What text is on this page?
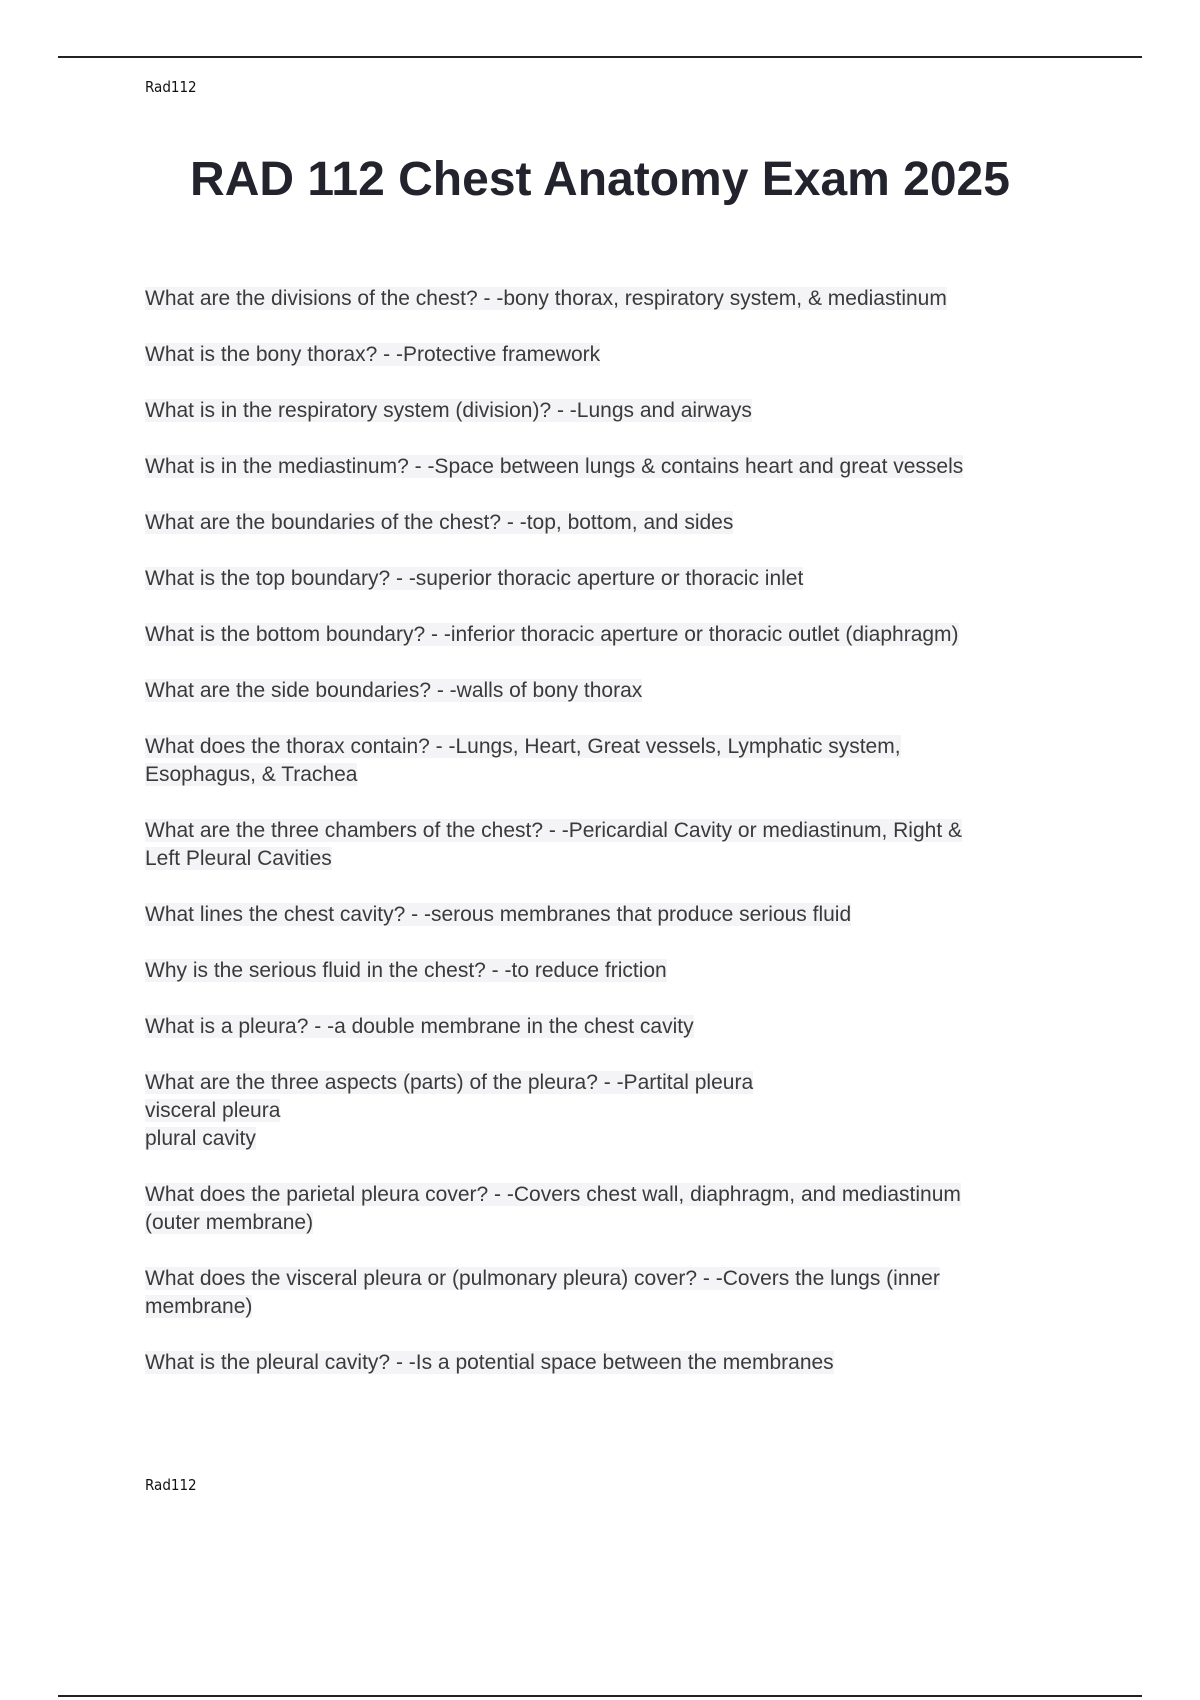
Rad112
RAD 112 Chest Anatomy Exam 2025
What are the divisions of the chest? - -bony thorax, respiratory system, & mediastinum
What is the bony thorax? - -Protective framework
What is in the respiratory system (division)? - -Lungs and airways
What is in the mediastinum? - -Space between lungs & contains heart and great vessels
What are the boundaries of the chest? - -top, bottom, and sides
What is the top boundary? - -superior thoracic aperture or thoracic inlet
What is the bottom boundary? - -inferior thoracic aperture or thoracic outlet (diaphragm)
What are the side boundaries? - -walls of bony thorax
What does the thorax contain? - -Lungs, Heart, Great vessels, Lymphatic system,
Esophagus, & Trachea
What are the three chambers of the chest? - -Pericardial Cavity or mediastinum, Right &
Left Pleural Cavities
What lines the chest cavity? - -serous membranes that produce serious fluid
Why is the serious fluid in the chest? - -to reduce friction
What is a pleura? - -a double membrane in the chest cavity
What are the three aspects (parts) of the pleura? - -Partital pleura
visceral pleura
plural cavity
What does the parietal pleura cover? - -Covers chest wall, diaphragm, and mediastinum
(outer membrane)
What does the visceral pleura or (pulmonary pleura) cover? - -Covers the lungs (inner
membrane)
What is the pleural cavity? - -Is a potential space between the membranes
Rad112
